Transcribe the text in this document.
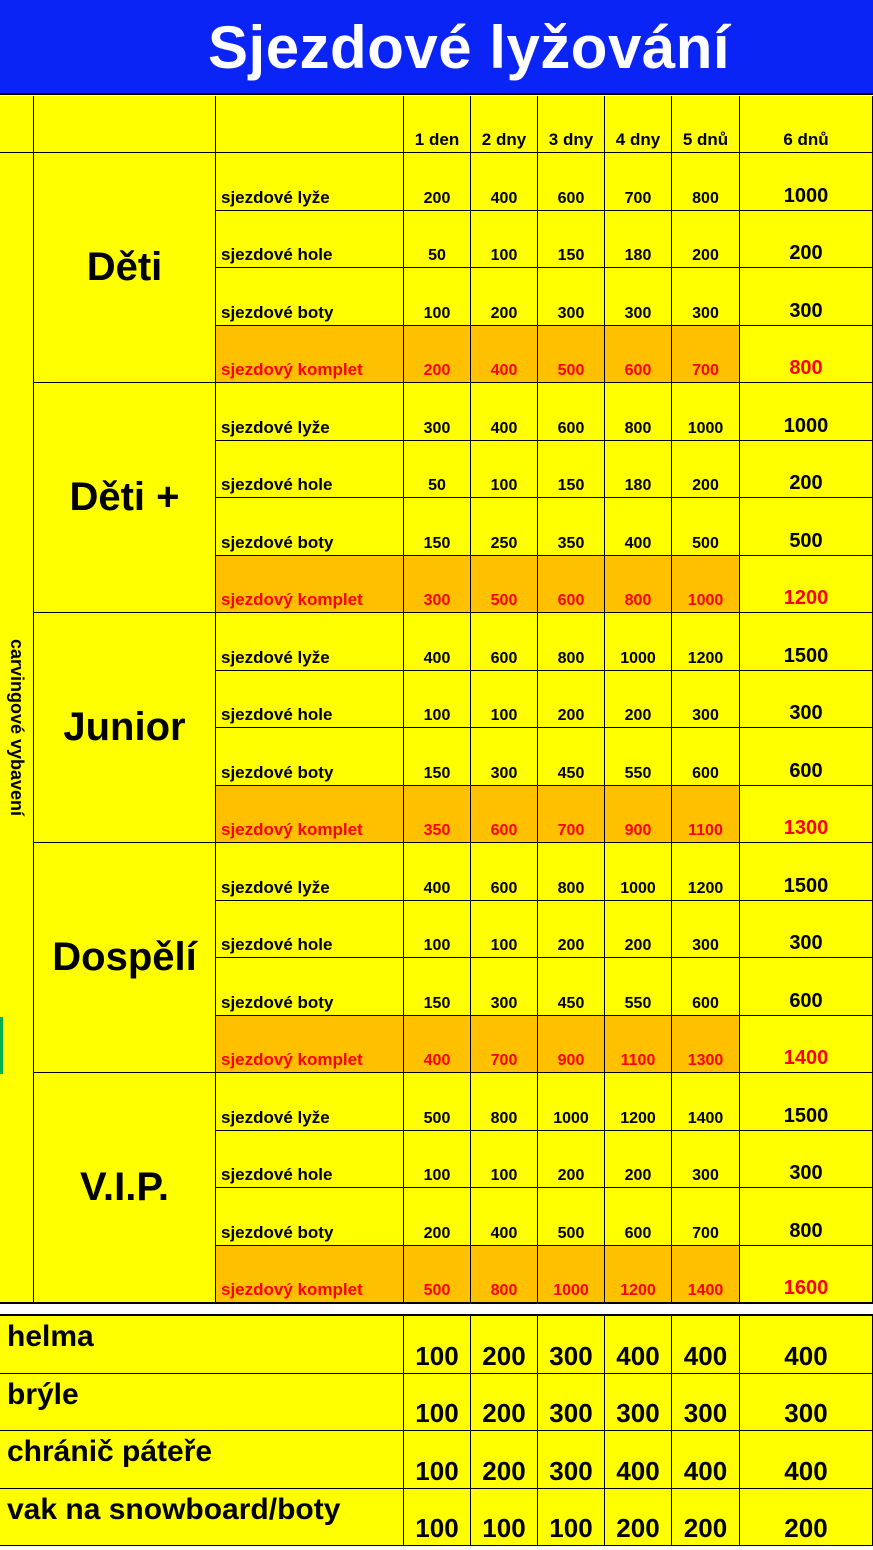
Sjezdové lyžování
1 den	2 dny	3 dny	4 dny	5 dnů	6 dnů
carvingové vybavení
Děti
sjezdové lyže	200	400	600	700	800	1000
sjezdové hole	50	100	150	180	200	200
sjezdové boty	100	200	300	300	300	300
sjezdový komplet	200	400	500	600	700	800
Děti +
sjezdové lyže	300	400	600	800	1000	1000
sjezdové hole	50	100	150	180	200	200
sjezdové boty	150	250	350	400	500	500
sjezdový komplet	300	500	600	800	1000	1200
Junior
sjezdové lyže	400	600	800	1000	1200	1500
sjezdové hole	100	100	200	200	300	300
sjezdové boty	150	300	450	550	600	600
sjezdový komplet	350	600	700	900	1100	1300
Dospělí
sjezdové lyže	400	600	800	1000	1200	1500
sjezdové hole	100	100	200	200	300	300
sjezdové boty	150	300	450	550	600	600
sjezdový komplet	400	700	900	1100	1300	1400
V.I.P.
sjezdové lyže	500	800	1000	1200	1400	1500
sjezdové hole	100	100	200	200	300	300
sjezdové boty	200	400	500	600	700	800
sjezdový komplet	500	800	1000	1200	1400	1600
helma
100 200 300 400 400	400
brýle
100 200 300 300 300	300
chránič páteře
100 200 300 400 400	400
vak na snowboard/boty
100 100 100 200 200	200
